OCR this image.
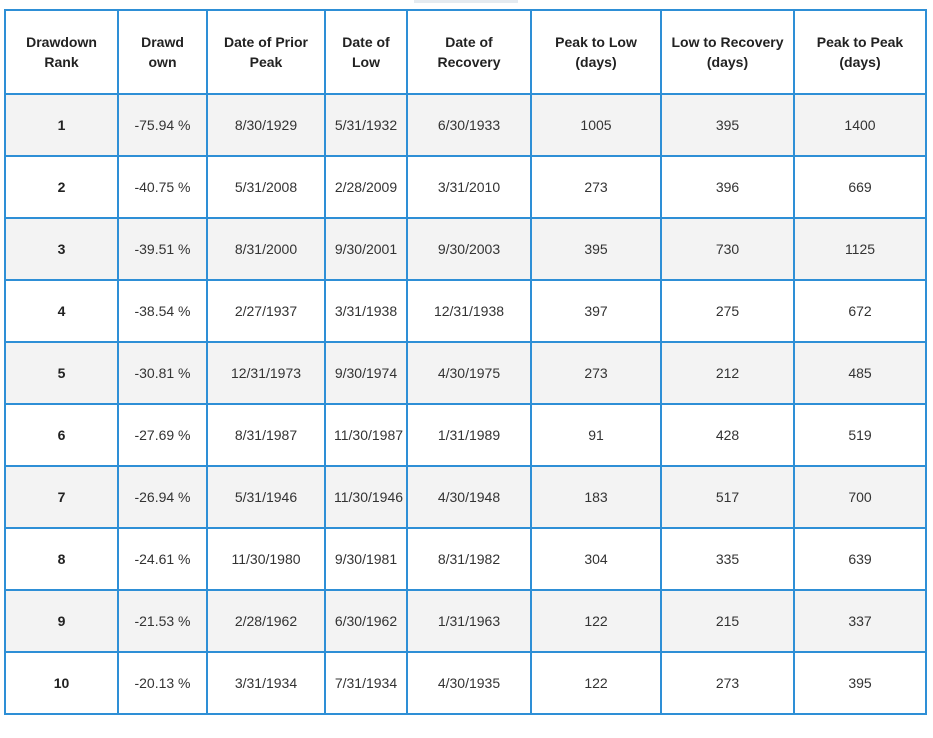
Drawdown Rank	Drawd own	Date of Prior Peak	Date of Low	Date of Recovery	Peak to Low (days)	Low to Recovery (days)	Peak to Peak (days)
1	-75.94 %	8/30/1929	5/31/1932	6/30/1933	1005	395	1400
2	-40.75 %	5/31/2008	2/28/2009	3/31/2010	273	396	669
3	-39.51 %	8/31/2000	9/30/2001	9/30/2003	395	730	1125
4	-38.54 %	2/27/1937	3/31/1938	12/31/1938	397	275	672
5	-30.81 %	12/31/1973	9/30/1974	4/30/1975	273	212	485
6	-27.69 %	8/31/1987	11/30/1987	1/31/1989	91	428	519
7	-26.94 %	5/31/1946	11/30/1946	4/30/1948	183	517	700
8	-24.61 %	11/30/1980	9/30/1981	8/31/1982	304	335	639
9	-21.53 %	2/28/1962	6/30/1962	1/31/1963	122	215	337
10	-20.13 %	3/31/1934	7/31/1934	4/30/1935	122	273	395
